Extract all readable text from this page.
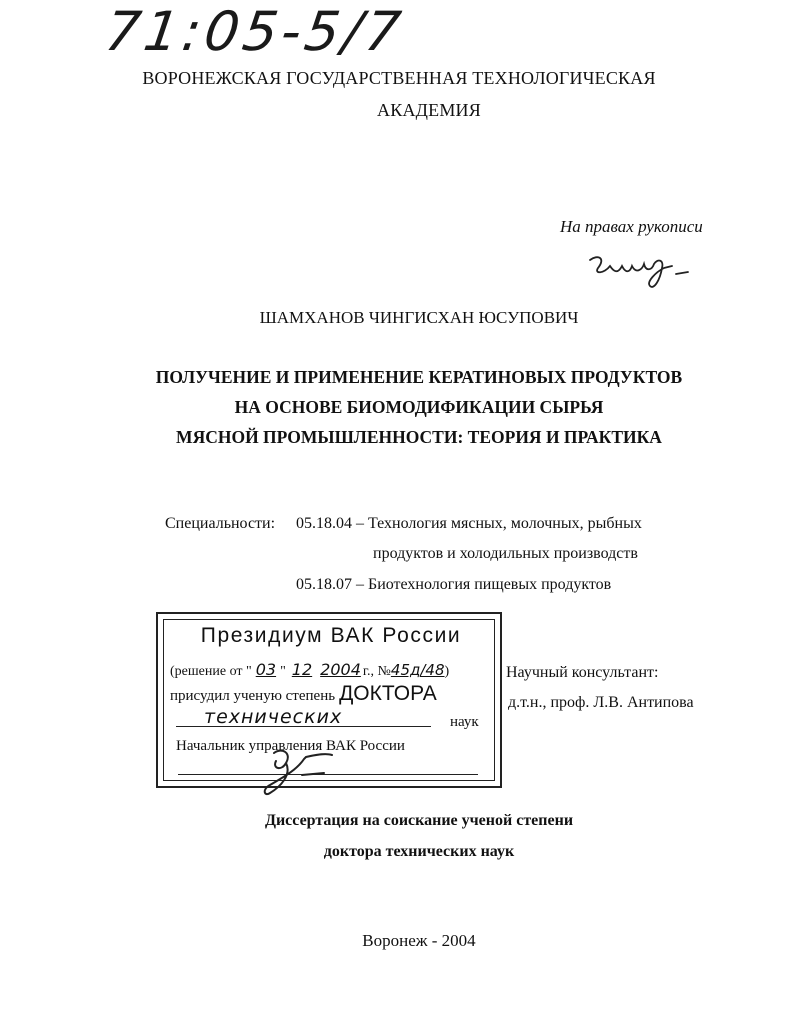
71:05-5/7
ВОРОНЕЖСКАЯ ГОСУДАРСТВЕННАЯ ТЕХНОЛОГИЧЕСКАЯ
АКАДЕМИЯ
На правах рукописи
ШАМХАНОВ ЧИНГИСХАН ЮСУПОВИЧ
ПОЛУЧЕНИЕ И ПРИМЕНЕНИЕ КЕРАТИНОВЫХ ПРОДУКТОВ
НА ОСНОВЕ БИОМОДИФИКАЦИИ СЫРЬЯ
МЯСНОЙ ПРОМЫШЛЕННОСТИ: ТЕОРИЯ И ПРАКТИКА
Специальности: 05.18.04 – Технология мясных, молочных, рыбных
продуктов и холодильных производств
05.18.07 – Биотехнология пищевых продуктов
Президиум ВАК России
(решение от " 03 " 12 2004 г., №45д/48)
присудил ученую степень ДОКТОРА
технических	наук
Начальник управления ВАК России
Научный консультант:
д.т.н., проф. Л.В. Антипова
Диссертация на соискание ученой степени
доктора технических наук
Воронеж - 2004
